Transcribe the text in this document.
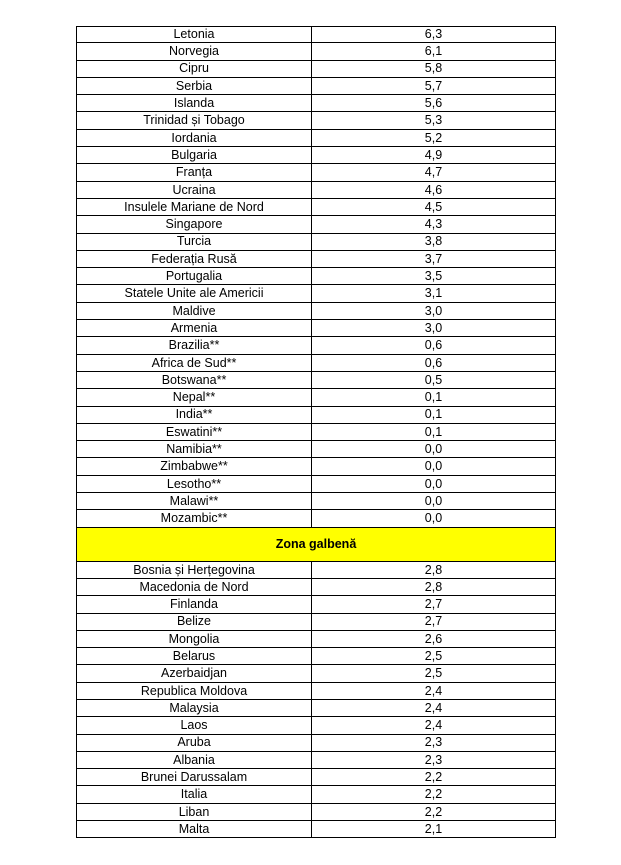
Letonia	6,3
Norvegia	6,1
Cipru	5,8
Serbia	5,7
Islanda	5,6
Trinidad și Tobago	5,3
Iordania	5,2
Bulgaria	4,9
Franța	4,7
Ucraina	4,6
Insulele Mariane de Nord	4,5
Singapore	4,3
Turcia	3,8
Federația Rusă	3,7
Portugalia	3,5
Statele Unite ale Americii	3,1
Maldive	3,0
Armenia	3,0
Brazilia**	0,6
Africa de Sud**	0,6
Botswana**	0,5
Nepal**	0,1
India**	0,1
Eswatini**	0,1
Namibia**	0,0
Zimbabwe**	0,0
Lesotho**	0,0
Malawi**	0,0
Mozambic**	0,0
Zona galbenă
Bosnia și Herțegovina	2,8
Macedonia de Nord	2,8
Finlanda	2,7
Belize	2,7
Mongolia	2,6
Belarus	2,5
Azerbaidjan	2,5
Republica Moldova	2,4
Malaysia	2,4
Laos	2,4
Aruba	2,3
Albania	2,3
Brunei Darussalam	2,2
Italia	2,2
Liban	2,2
Malta	2,1
